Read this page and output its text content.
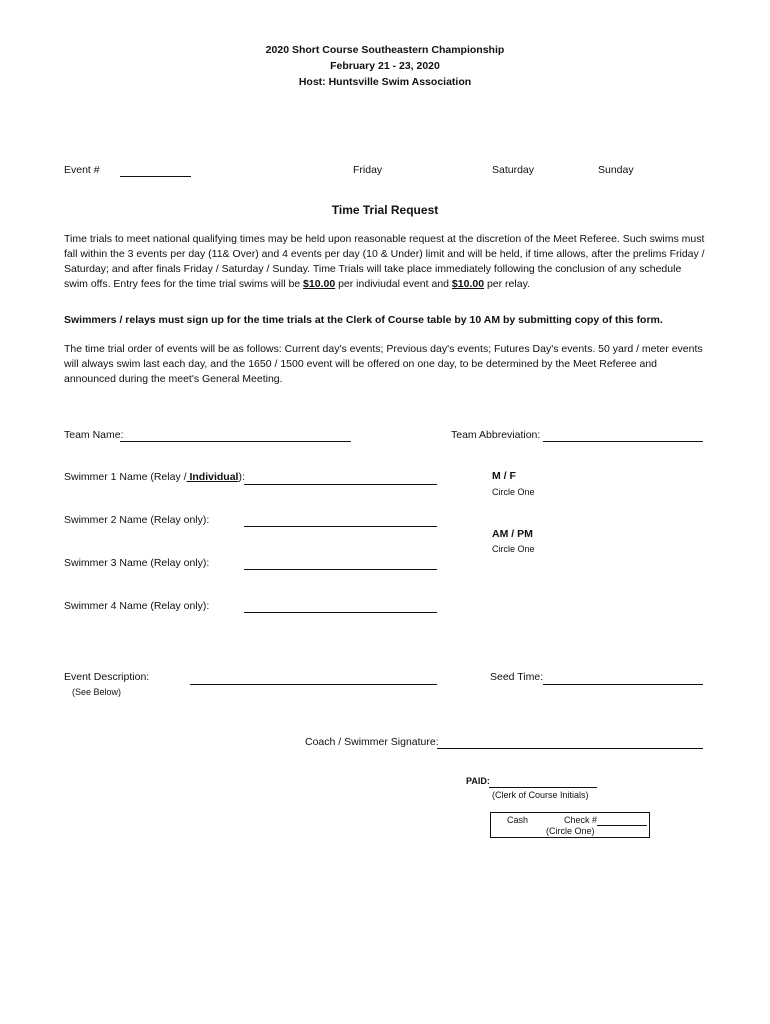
2020 Short Course Southeastern Championship
February 21 - 23, 2020
Host: Huntsville Swim Association
Event #	Friday	Saturday	Sunday
Time Trial Request
Time trials to meet national qualifying times may be held upon reasonable request at the discretion of the Meet Referee. Such swims must fall within the 3 events per day (11& Over) and 4 events per day (10 & Under) limit and will be held, if time allows, after the prelims Friday / Saturday; and after finals Friday / Saturday / Sunday. Time Trials will take place immediately following the conclusion of any schedule swim offs. Entry fees for the time trial swims will be $10.00 per indiviudal event and $10.00 per relay.
Swimmers / relays must sign up for the time trials at the Clerk of Course table by 10 AM by submitting copy of this form.
The time trial order of events will be as follows: Current day's events; Previous day's events; Futures Day's events. 50 yard / meter events will always swim last each day, and the 1650 / 1500 event will be offered on one day, to be determined by the Meet Referee and announced during the meet's General Meeting.
Team Name:	Team Abbreviation:
Swimmer 1 Name (Relay / Individual):	M / F
Circle One
Swimmer 2 Name (Relay only):
AM / PM
Circle One
Swimmer 3 Name (Relay only):
Swimmer 4 Name (Relay only):
Event Description:
(See Below)
Seed Time:
Coach / Swimmer Signature:
PAID:
(Clerk of Course Initials)
Cash	Check #
(Circle One)
